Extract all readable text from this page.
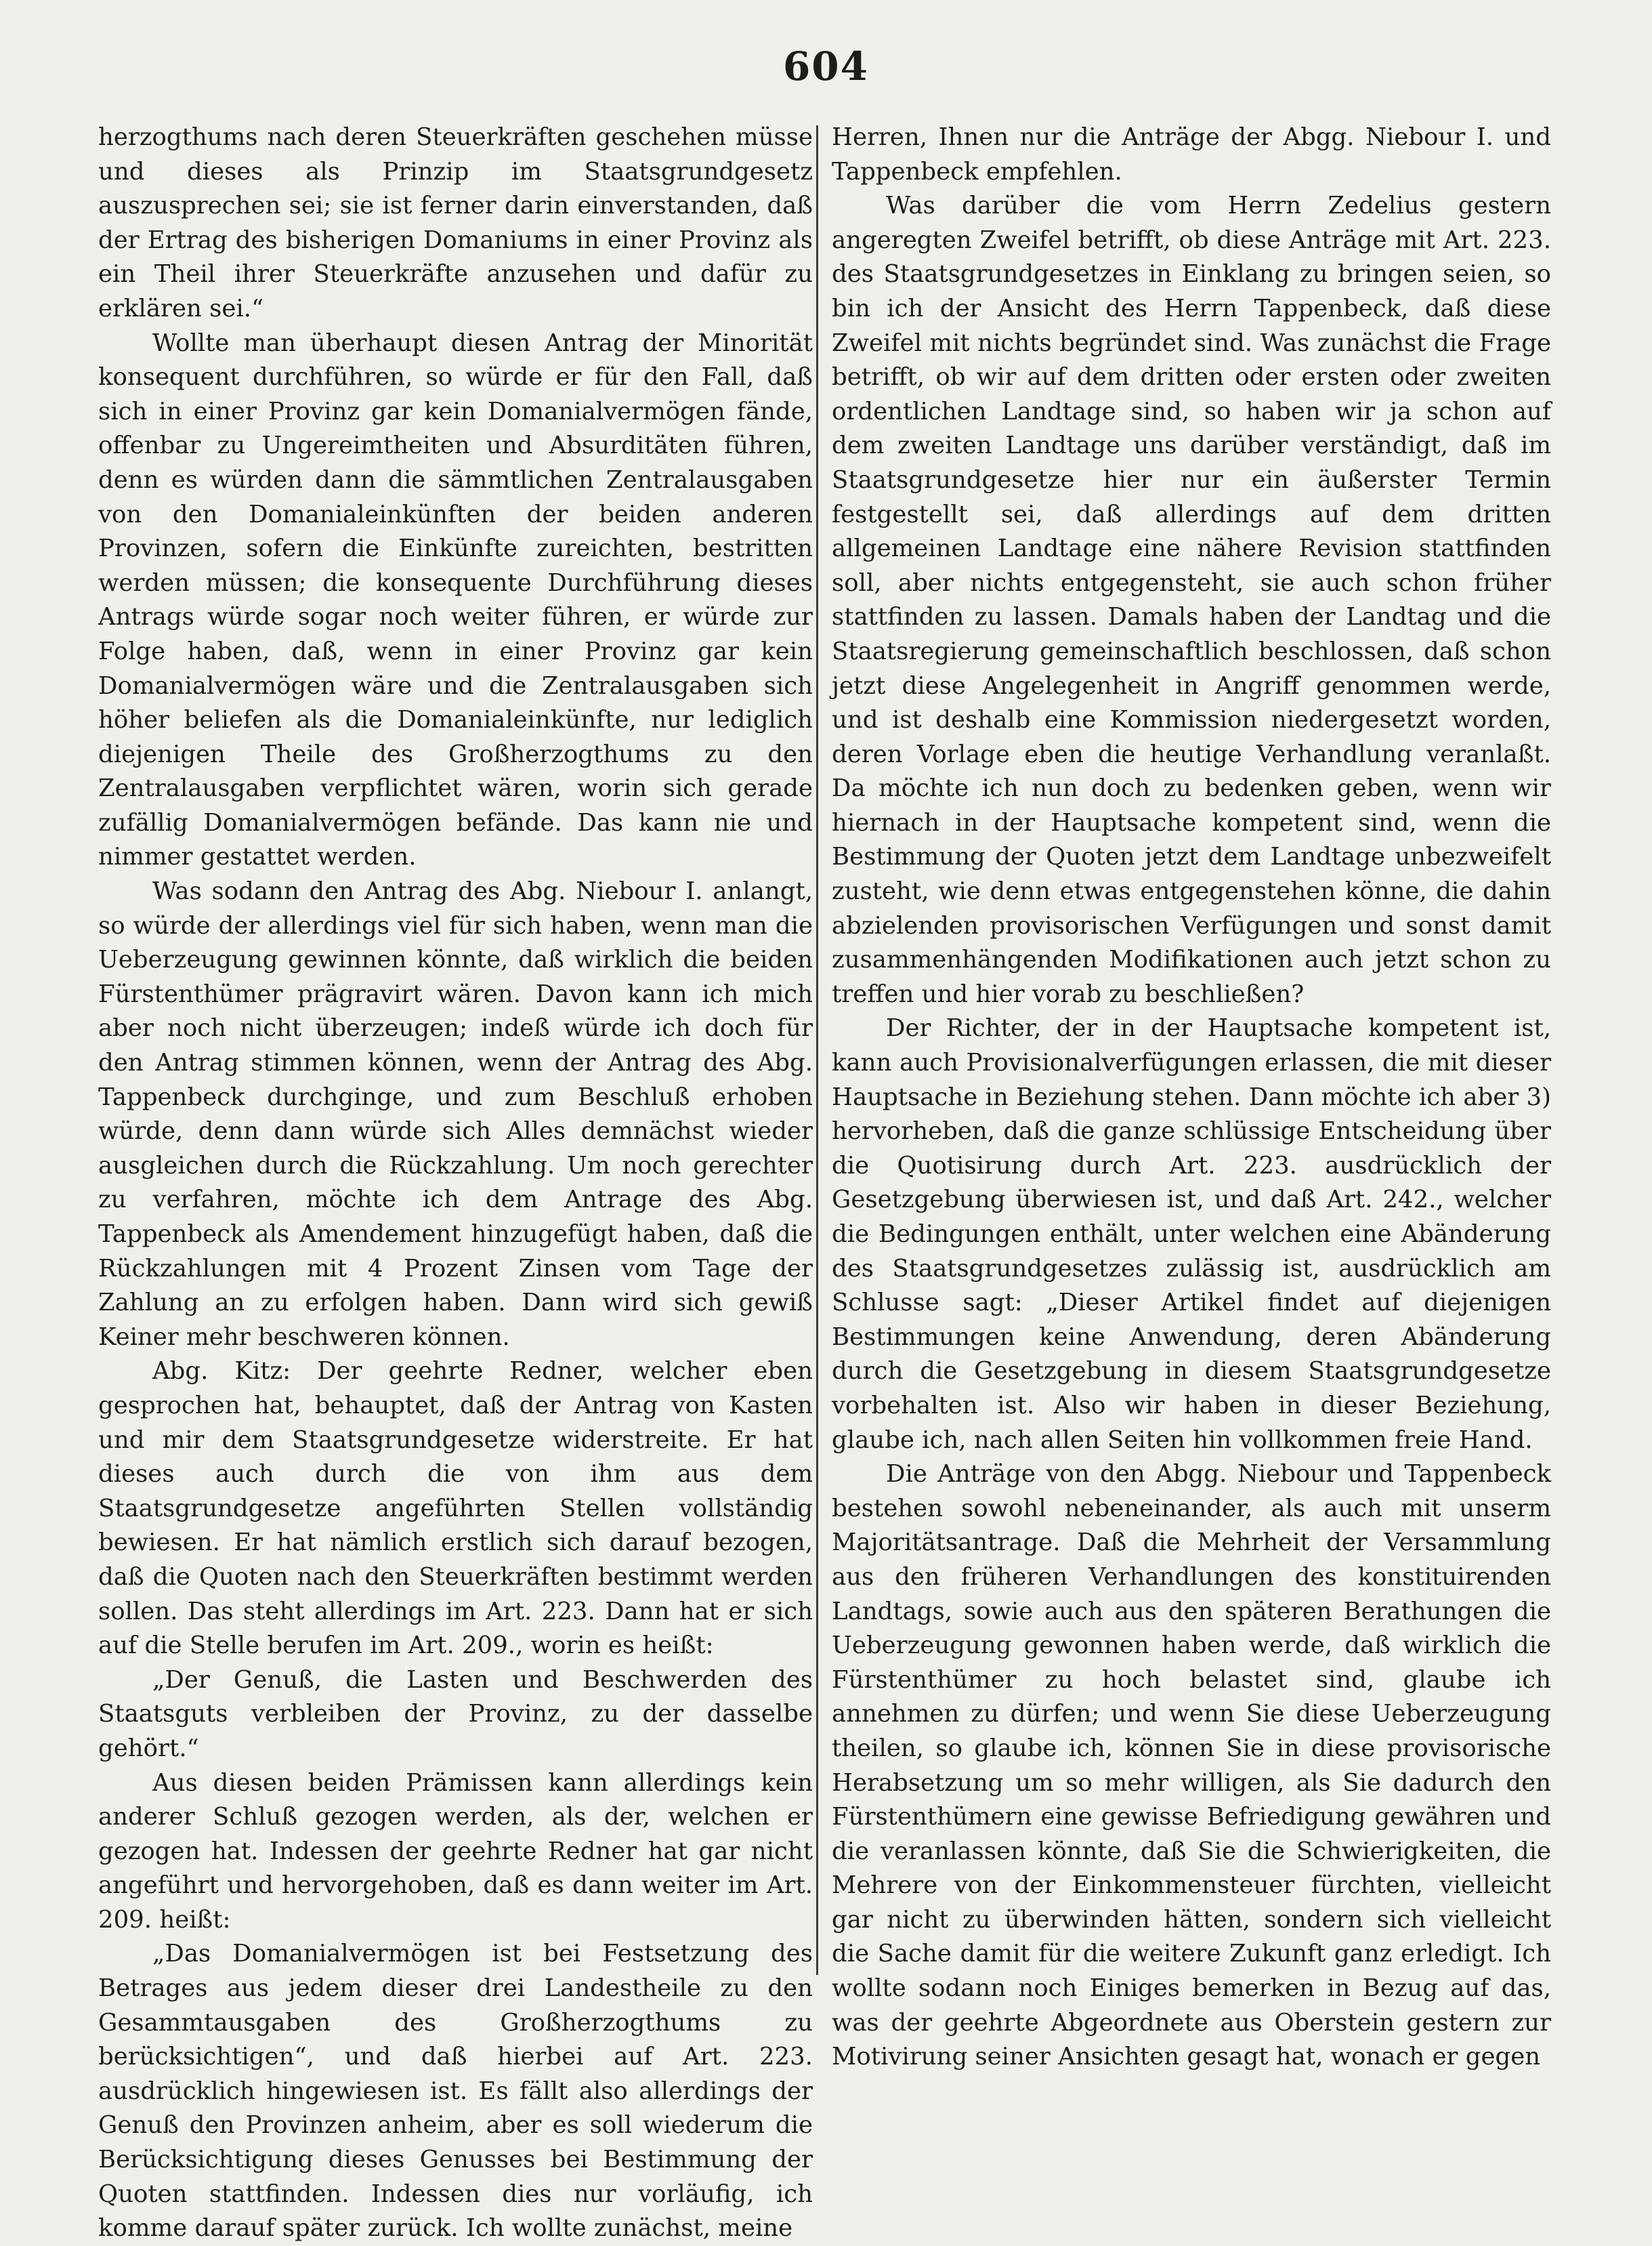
604

herzogthums nach deren Steuerkräften geschehen müsse und dieses als Prinzip im Staatsgrundgesetz auszusprechen sei; sie ist ferner darin einverstanden, daß der Ertrag des bisherigen Domaniums in einer Provinz als ein Theil ihrer Steuerkräfte anzusehen und dafür zu erklären sei.“

Wollte man überhaupt diesen Antrag der Minorität konsequent durchführen, so würde er für den Fall, daß sich in einer Provinz gar kein Domanialvermögen fände, offenbar zu Ungereimtheiten und Absurditäten führen, denn es würden dann die sämmtlichen Zentralausgaben von den Domanialeinkünften der beiden anderen Provinzen, sofern die Einkünfte zureichten, bestritten werden müssen; die konsequente Durchführung dieses Antrags würde sogar noch weiter führen, er würde zur Folge haben, daß, wenn in einer Provinz gar kein Domanialvermögen wäre und die Zentralausgaben sich höher beliefen als die Domanialeinkünfte, nur lediglich diejenigen Theile des Großherzogthums zu den Zentralausgaben verpflichtet wären, worin sich gerade zufällig Domanialvermögen befände. Das kann nie und nimmer gestattet werden.

Was sodann den Antrag des Abg. Niebour I. anlangt, so würde der allerdings viel für sich haben, wenn man die Ueberzeugung gewinnen könnte, daß wirklich die beiden Fürstenthümer prägravirt wären. Davon kann ich mich aber noch nicht überzeugen; indeß würde ich doch für den Antrag stimmen können, wenn der Antrag des Abg. Tappenbeck durchginge, und zum Beschluß erhoben würde, denn dann würde sich Alles demnächst wieder ausgleichen durch die Rückzahlung. Um noch gerechter zu verfahren, möchte ich dem Antrage des Abg. Tappenbeck als Amendement hinzugefügt haben, daß die Rückzahlungen mit 4 Prozent Zinsen vom Tage der Zahlung an zu erfolgen haben. Dann wird sich gewiß Keiner mehr beschweren können.

Abg. Kitz: Der geehrte Redner, welcher eben gesprochen hat, behauptet, daß der Antrag von Kasten und mir dem Staatsgrundgesetze widerstreite. Er hat dieses auch durch die von ihm aus dem Staatsgrundgesetze angeführten Stellen vollständig bewiesen. Er hat nämlich erstlich sich darauf bezogen, daß die Quoten nach den Steuerkräften bestimmt werden sollen. Das steht allerdings im Art. 223. Dann hat er sich auf die Stelle berufen im Art. 209., worin es heißt:

„Der Genuß, die Lasten und Beschwerden des Staatsguts verbleiben der Provinz, zu der dasselbe gehört.“

Aus diesen beiden Prämissen kann allerdings kein anderer Schluß gezogen werden, als der, welchen er gezogen hat. Indessen der geehrte Redner hat gar nicht angeführt und hervorgehoben, daß es dann weiter im Art. 209. heißt:

„Das Domanialvermögen ist bei Festsetzung des Betrages aus jedem dieser drei Landestheile zu den Gesammtausgaben des Großherzogthums zu berücksichtigen“, und daß hierbei auf Art. 223. ausdrücklich hingewiesen ist. Es fällt also allerdings der Genuß den Provinzen anheim, aber es soll wiederum die Berücksichtigung dieses Genusses bei Bestimmung der Quoten stattfinden. Indessen dies nur vorläufig, ich komme darauf später zurück. Ich wollte zunächst, meine

Herren, Ihnen nur die Anträge der Abgg. Niebour I. und Tappenbeck empfehlen.

Was darüber die vom Herrn Zedelius gestern angeregten Zweifel betrifft, ob diese Anträge mit Art. 223. des Staatsgrundgesetzes in Einklang zu bringen seien, so bin ich der Ansicht des Herrn Tappenbeck, daß diese Zweifel mit nichts begründet sind. Was zunächst die Frage betrifft, ob wir auf dem dritten oder ersten oder zweiten ordentlichen Landtage sind, so haben wir ja schon auf dem zweiten Landtage uns darüber verständigt, daß im Staatsgrundgesetze hier nur ein äußerster Termin festgestellt sei, daß allerdings auf dem dritten allgemeinen Landtage eine nähere Revision stattfinden soll, aber nichts entgegensteht, sie auch schon früher stattfinden zu lassen. Damals haben der Landtag und die Staatsregierung gemeinschaftlich beschlossen, daß schon jetzt diese Angelegenheit in Angriff genommen werde, und ist deshalb eine Kommission niedergesetzt worden, deren Vorlage eben die heutige Verhandlung veranlaßt. Da möchte ich nun doch zu bedenken geben, wenn wir hiernach in der Hauptsache kompetent sind, wenn die Bestimmung der Quoten jetzt dem Landtage unbezweifelt zusteht, wie denn etwas entgegenstehen könne, die dahin abzielenden provisorischen Verfügungen und sonst damit zusammenhängenden Modifikationen auch jetzt schon zu treffen und hier vorab zu beschließen?

Der Richter, der in der Hauptsache kompetent ist, kann auch Provisionalverfügungen erlassen, die mit dieser Hauptsache in Beziehung stehen. Dann möchte ich aber 3) hervorheben, daß die ganze schlüssige Entscheidung über die Quotisirung durch Art. 223. ausdrücklich der Gesetzgebung überwiesen ist, und daß Art. 242., welcher die Bedingungen enthält, unter welchen eine Abänderung des Staatsgrundgesetzes zulässig ist, ausdrücklich am Schlusse sagt: „Dieser Artikel findet auf diejenigen Bestimmungen keine Anwendung, deren Abänderung durch die Gesetzgebung in diesem Staatsgrundgesetze vorbehalten ist. Also wir haben in dieser Beziehung, glaube ich, nach allen Seiten hin vollkommen freie Hand.

Die Anträge von den Abgg. Niebour und Tappenbeck bestehen sowohl nebeneinander, als auch mit unserm Majoritätsantrage. Daß die Mehrheit der Versammlung aus den früheren Verhandlungen des konstituirenden Landtags, sowie auch aus den späteren Berathungen die Ueberzeugung gewonnen haben werde, daß wirklich die Fürstenthümer zu hoch belastet sind, glaube ich annehmen zu dürfen; und wenn Sie diese Ueberzeugung theilen, so glaube ich, können Sie in diese provisorische Herabsetzung um so mehr willigen, als Sie dadurch den Fürstenthümern eine gewisse Befriedigung gewähren und die veranlassen könnte, daß Sie die Schwierigkeiten, die Mehrere von der Einkommensteuer fürchten, vielleicht gar nicht zu überwinden hätten, sondern sich vielleicht die Sache damit für die weitere Zukunft ganz erledigt. Ich wollte sodann noch Einiges bemerken in Bezug auf das, was der geehrte Abgeordnete aus Oberstein gestern zur Motivirung seiner Ansichten gesagt hat, wonach er gegen
